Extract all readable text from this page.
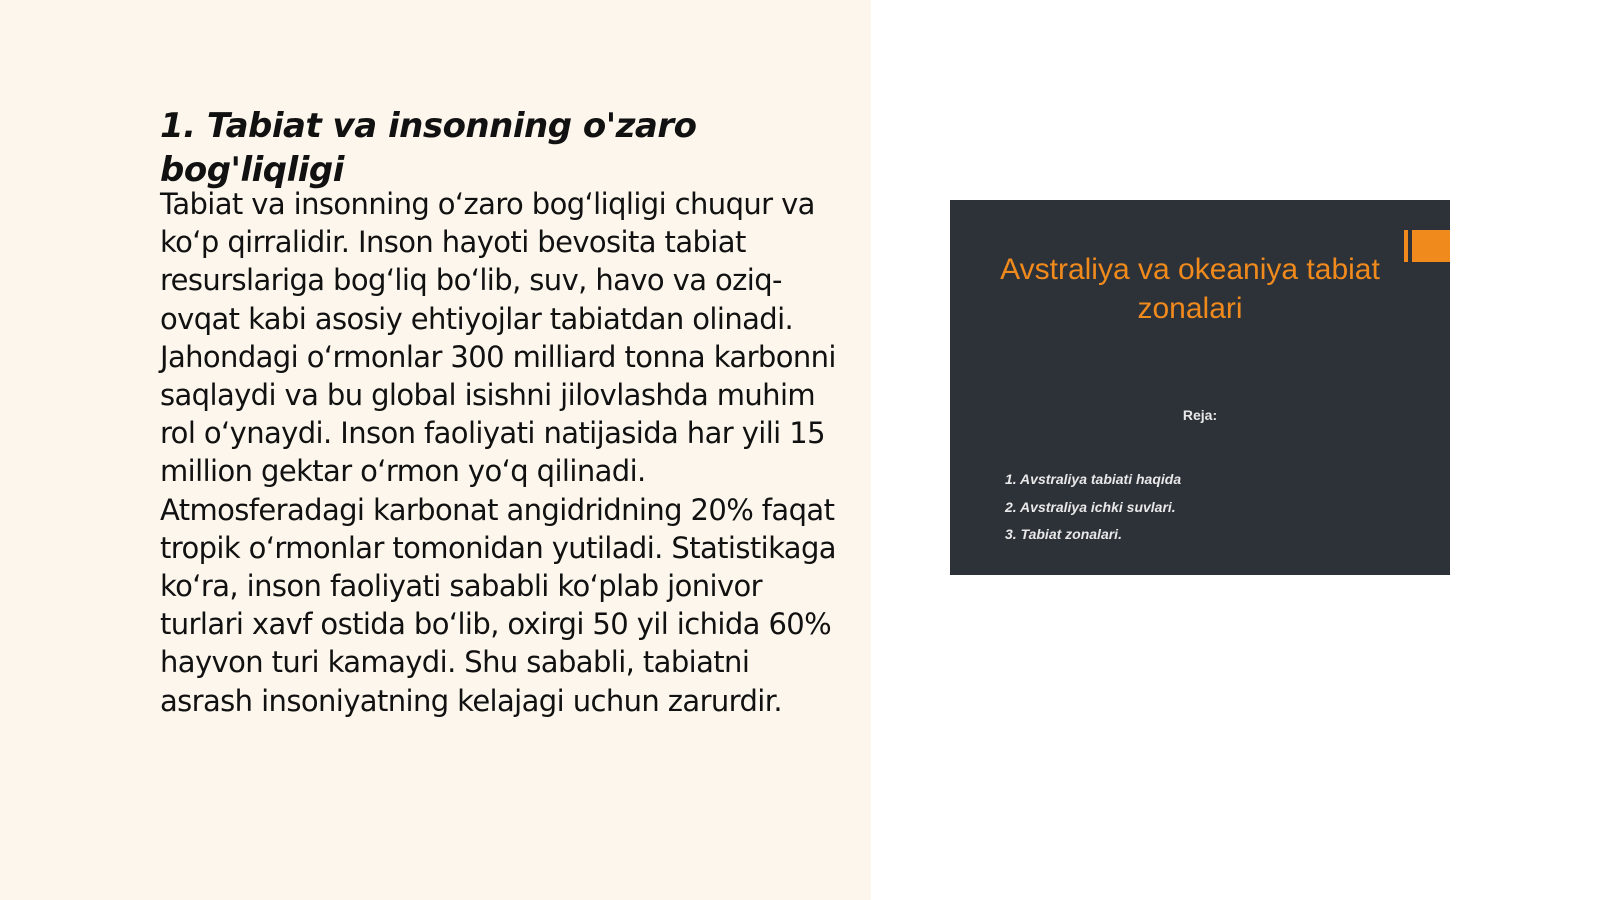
1. Tabiat va insonning o'zaro bog'liqligi

Tabiat va insonning oʻzaro bogʻliqligi chuqur va koʻp qirralidir. Inson hayoti bevosita tabiat resurslariga bogʻliq boʻlib, suv, havo va oziq-ovqat kabi asosiy ehtiyojlar tabiatdan olinadi. Jahondagi oʻrmonlar 300 milliard tonna karbonni saqlaydi va bu global isishni jilovlashda muhim rol oʻynaydi. Inson faoliyati natijasida har yili 15 million gektar oʻrmon yoʻq qilinadi. Atmosferadagi karbonat angidridning 20% faqat tropik oʻrmonlar tomonidan yutiladi. Statistikaga koʻra, inson faoliyati sababli koʻplab jonivor turlari xavf ostida boʻlib, oxirgi 50 yil ichida 60% hayvon turi kamaydi. Shu sababli, tabiatni asrash insoniyatning kelajagi uchun zarurdir.

Avstraliya va okeaniya tabiat zonalari
Reja:
1. Avstraliya tabiati haqida
2. Avstraliya ichki suvlari.
3. Tabiat zonalari.
